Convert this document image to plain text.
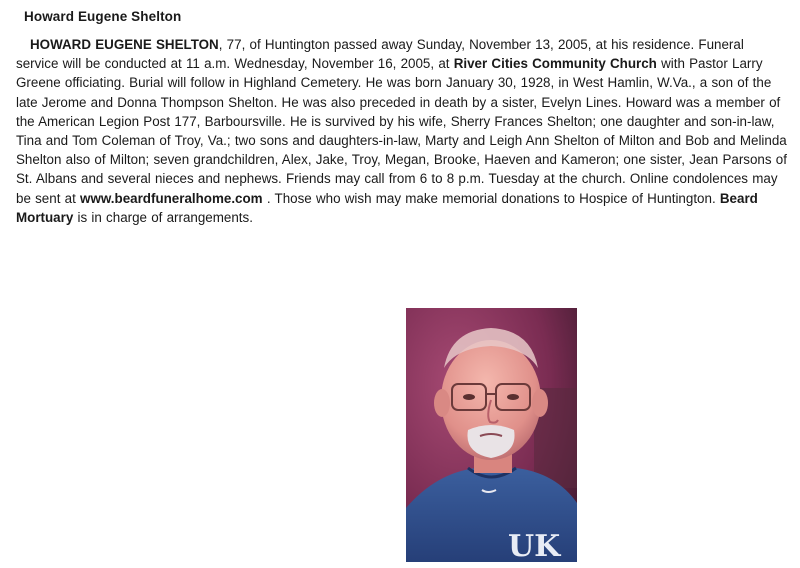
Howard Eugene Shelton

HOWARD EUGENE SHELTON, 77, of Huntington passed away Sunday, November 13, 2005, at his residence. Funeral service will be conducted at 11 a.m. Wednesday, November 16, 2005, at River Cities Community Church with Pastor Larry Greene officiating. Burial will follow in Highland Cemetery. He was born January 30, 1928, in West Hamlin, W.Va., a son of the late Jerome and Donna Thompson Shelton. He was also preceded in death by a sister, Evelyn Lines. Howard was a member of the American Legion Post 177, Barboursville. He is survived by his wife, Sherry Frances Shelton; one daughter and son-in-law, Tina and Tom Coleman of Troy, Va.; two sons and daughters-in-law, Marty and Leigh Ann Shelton of Milton and Bob and Melinda Shelton also of Milton; seven grandchildren, Alex, Jake, Troy, Megan, Brooke, Haeven and Kameron; one sister, Jean Parsons of St. Albans and several nieces and nephews. Friends may call from 6 to 8 p.m. Tuesday at the church. Online condolences may be sent at www.beardfuneralhome.com . Those who wish may make memorial donations to Hospice of Huntington. Beard Mortuary is in charge of arrangements.

UK
